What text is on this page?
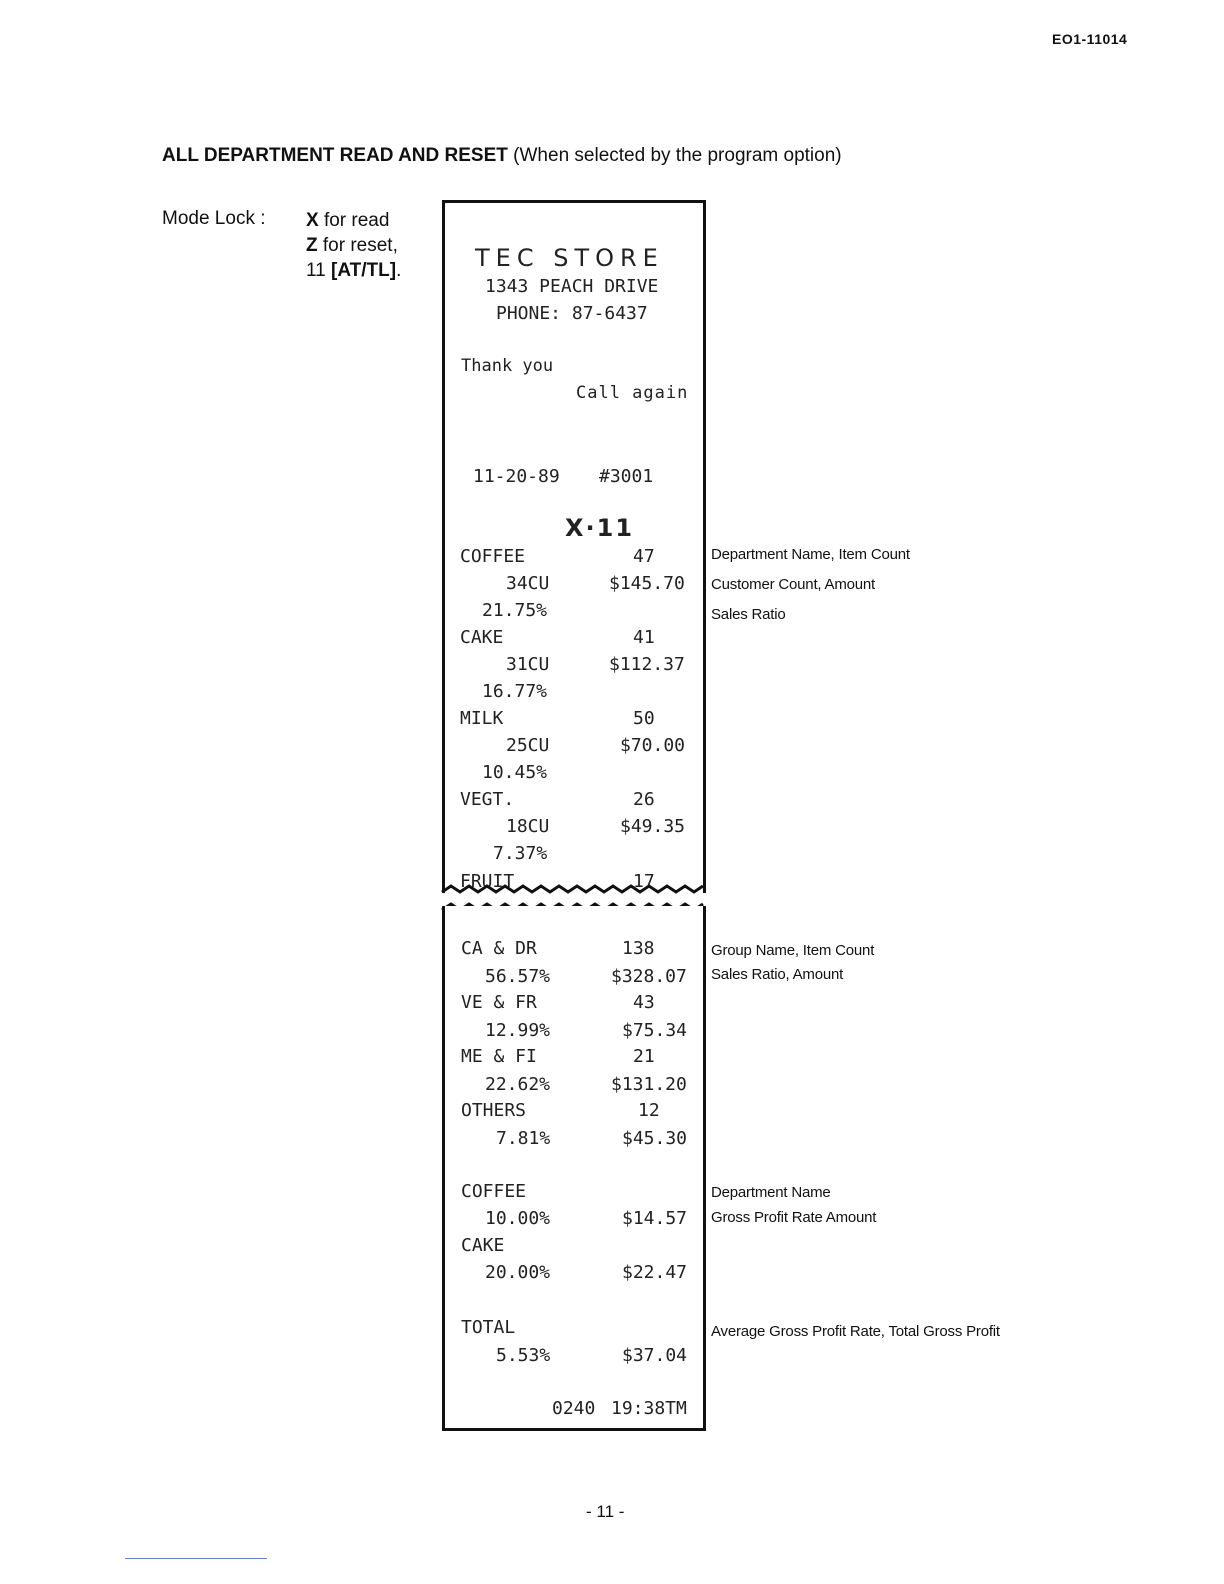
EO1-11014
ALL DEPARTMENT READ AND RESET (When selected by the program option)
Mode Lock : X for read
Z for reset,
11 [AT/TL].	TEC STORE
1343 PEACH DRIVE
PHONE: 87-6437
Thank you
Call again
11-20-89 #3001
X·11
COFFEE	47
34CU	$145.70
21.75%
CAKE	41
31CU	$112.37
16.77%
MILK	50
25CU	$70.00
10.45%
VEGT.	26
18CU	$49.35
7.37%
FRUIT	17
CA & DR	138
56.57%	$328.07
VE & FR	43
12.99%	$75.34
ME & FI	21
22.62%	$131.20
OTHERS	12
7.81%	$45.30
COFFEE
10.00%	$14.57
CAKE
20.00%	$22.47
TOTAL
5.53%	$37.04
0240 19:38TM
Department Name, Item Count
Customer Count, Amount
Sales Ratio
Group Name, Item Count
Sales Ratio, Amount
Department Name
Gross Profit Rate Amount
Average Gross Profit Rate, Total Gross Profit
- 11 -
